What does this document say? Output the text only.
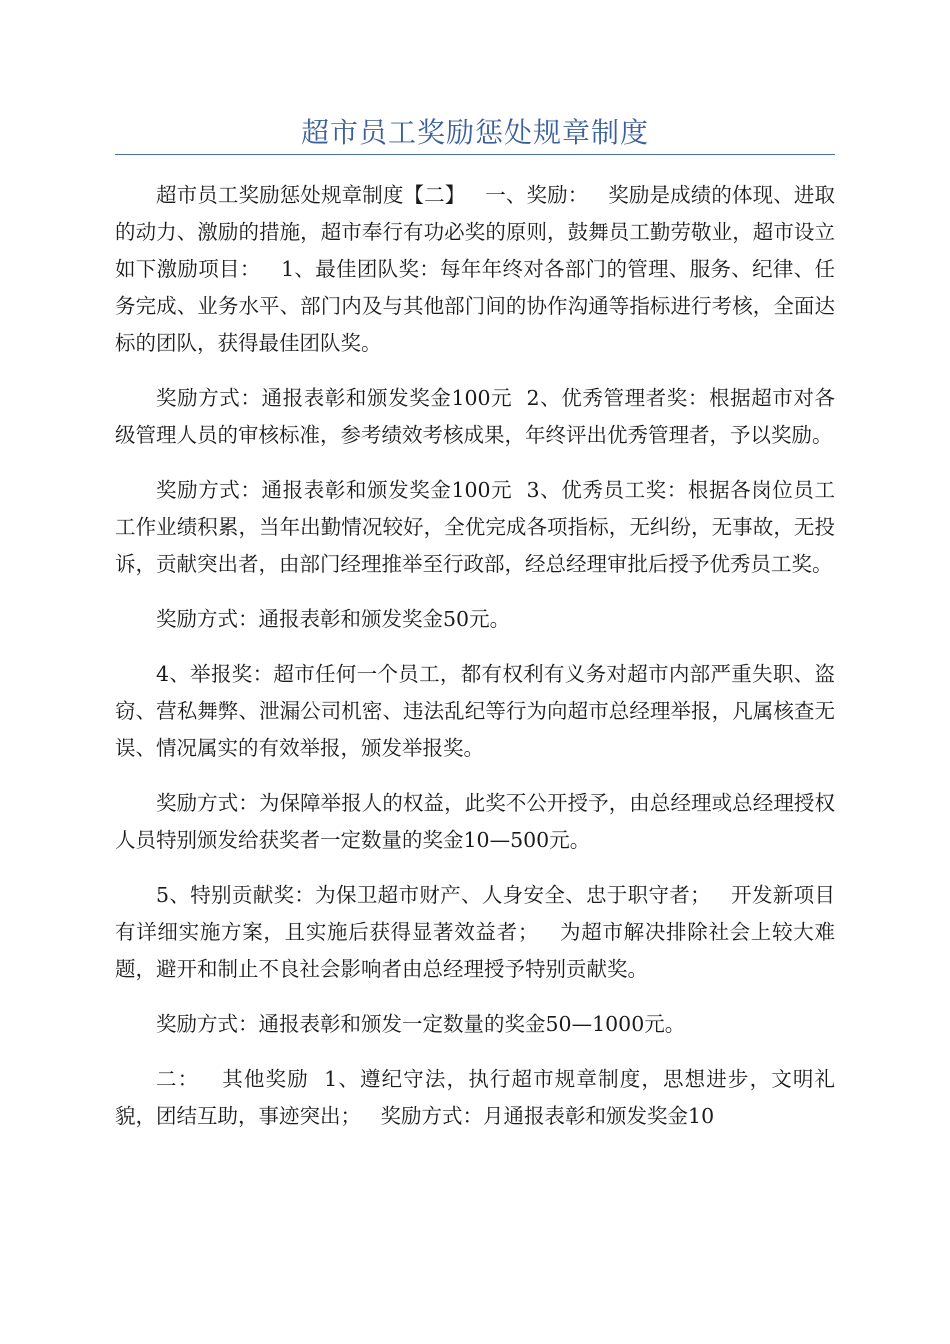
超市员工奖励惩处规章制度

超市员工奖励惩处规章制度【二】   一、奖励：   奖励是成绩的体现、进取的动力、激励的措施，超市奉行有功必奖的原则，鼓舞员工勤劳敬业，超市设立如下激励项目：   1、最佳团队奖：每年年终对各部门的管理、服务、纪律、任务完成、业务水平、部门内及与其他部门间的协作沟通等指标进行考核，全面达标的团队，获得最佳团队奖。

奖励方式：通报表彰和颁发奖金100元  2、优秀管理者奖：根据超市对各级管理人员的审核标准，参考绩效考核成果，年终评出优秀管理者，予以奖励。

奖励方式：通报表彰和颁发奖金100元  3、优秀员工奖：根据各岗位员工工作业绩积累，当年出勤情况较好，全优完成各项指标，无纠纷，无事故，无投诉，贡献突出者，由部门经理推举至行政部，经总经理审批后授予优秀员工奖。

奖励方式：通报表彰和颁发奖金50元。

4、举报奖：超市任何一个员工，都有权利有义务对超市内部严重失职、盗窃、营私舞弊、泄漏公司机密、违法乱纪等行为向超市总经理举报，凡属核查无误、情况属实的有效举报，颁发举报奖。

奖励方式：为保障举报人的权益，此奖不公开授予，由总经理或总经理授权人员特别颁发给获奖者一定数量的奖金10—500元。

5、特别贡献奖：为保卫超市财产、人身安全、忠于职守者；   开发新项目有详细实施方案，且实施后获得显著效益者；   为超市解决排除社会上较大难题，避开和制止不良社会影响者由总经理授予特别贡献奖。

奖励方式：通报表彰和颁发一定数量的奖金50—1000元。

二：   其他奖励  1、遵纪守法，执行超市规章制度，思想进步，文明礼貌，团结互助，事迹突出；   奖励方式：月通报表彰和颁发奖金10
